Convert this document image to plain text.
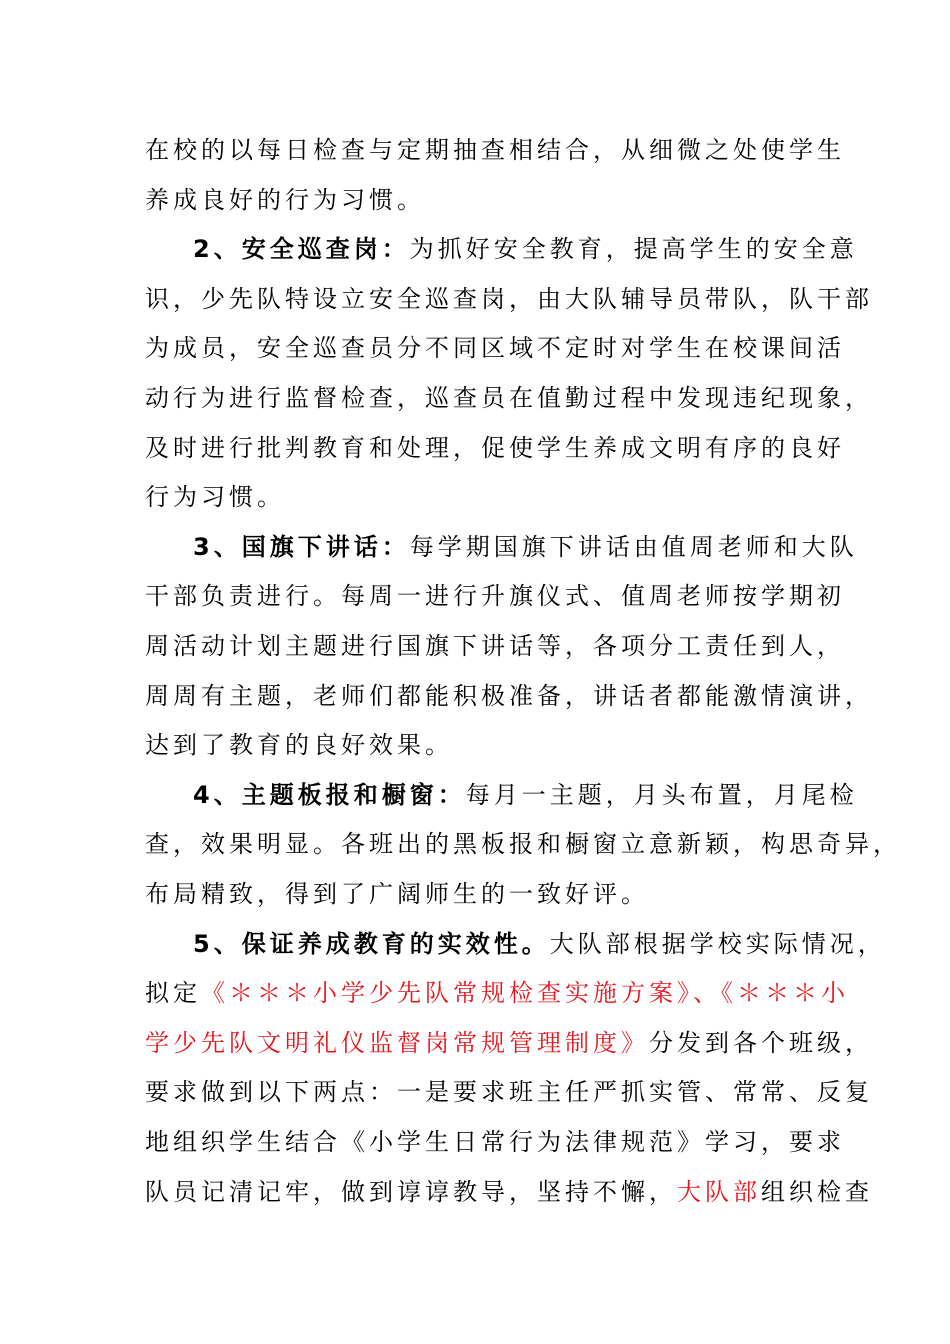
在校的以每日检查与定期抽查相结合，从细微之处使学生
养成良好的行为习惯。
2、安全巡查岗：为抓好安全教育，提高学生的安全意
识，少先队特设立安全巡查岗，由大队辅导员带队，队干部
为成员，安全巡查员分不同区域不定时对学生在校课间活
动行为进行监督检查，巡查员在值勤过程中发现违纪现象，
及时进行批判教育和处理，促使学生养成文明有序的良好
行为习惯。
3、国旗下讲话：每学期国旗下讲话由值周老师和大队
干部负责进行。每周一进行升旗仪式、值周老师按学期初
周活动计划主题进行国旗下讲话等，各项分工责任到人，
周周有主题，老师们都能积极准备，讲话者都能激情演讲，
达到了教育的良好效果。
4、主题板报和橱窗：每月一主题，月头布置，月尾检
查，效果明显。各班出的黑板报和橱窗立意新颖，构思奇异，
布局精致，得到了广阔师生的一致好评。
5、保证养成教育的实效性。大队部根据学校实际情况，
拟定《＊＊＊小学少先队常规检查实施方案》、《＊＊＊小
学少先队文明礼仪监督岗常规管理制度》分发到各个班级，
要求做到以下两点：一是要求班主任严抓实管、常常、反复
地组织学生结合《小学生日常行为法律规范》学习，要求
队员记清记牢，做到谆谆教导，坚持不懈，大队部组织检查
